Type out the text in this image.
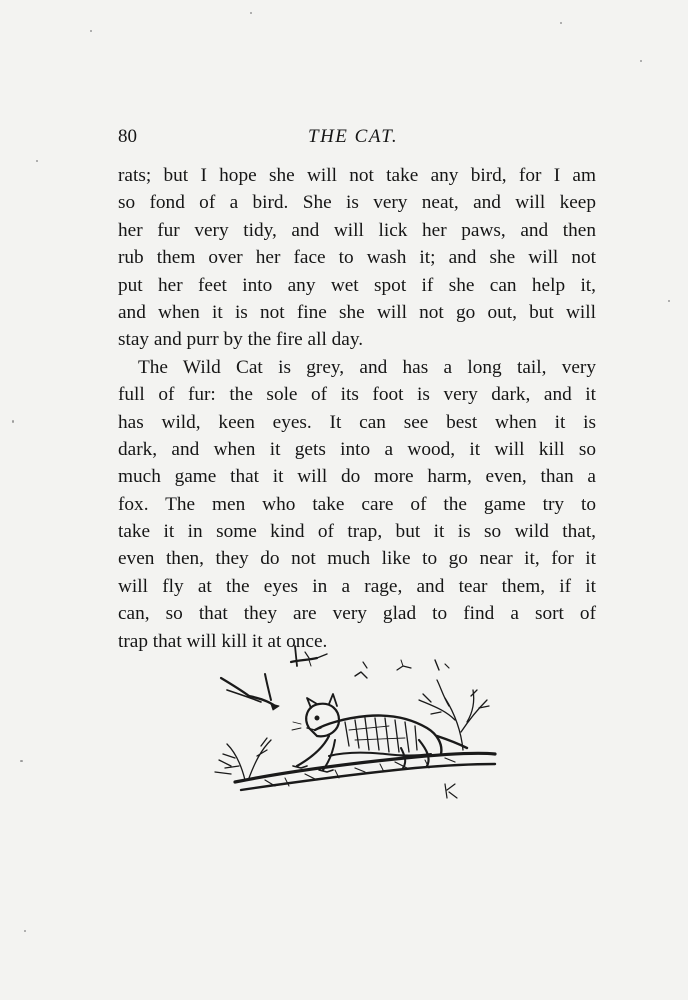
80	THE CAT.
rats; but I hope she will not take any bird, for I am
so fond of a bird. She is very neat, and will keep
her fur very tidy, and will lick her paws, and then
rub them over her face to wash it; and she will not
put her feet into any wet spot if she can help it,
and when it is not fine she will not go out, but will
stay and purr by the fire all day.
The Wild Cat is grey, and has a long tail, very
full of fur: the sole of its foot is very dark, and it
has wild, keen eyes. It can see best when it is
dark, and when it gets into a wood, it will kill so
much game that it will do more harm, even, than a
fox. The men who take care of the game try to
take it in some kind of trap, but it is so wild that,
even then, they do not much like to go near it, for it
will fly at the eyes in a rage, and tear them, if it
can, so that they are very glad to find a sort of
trap that will kill it at once.
